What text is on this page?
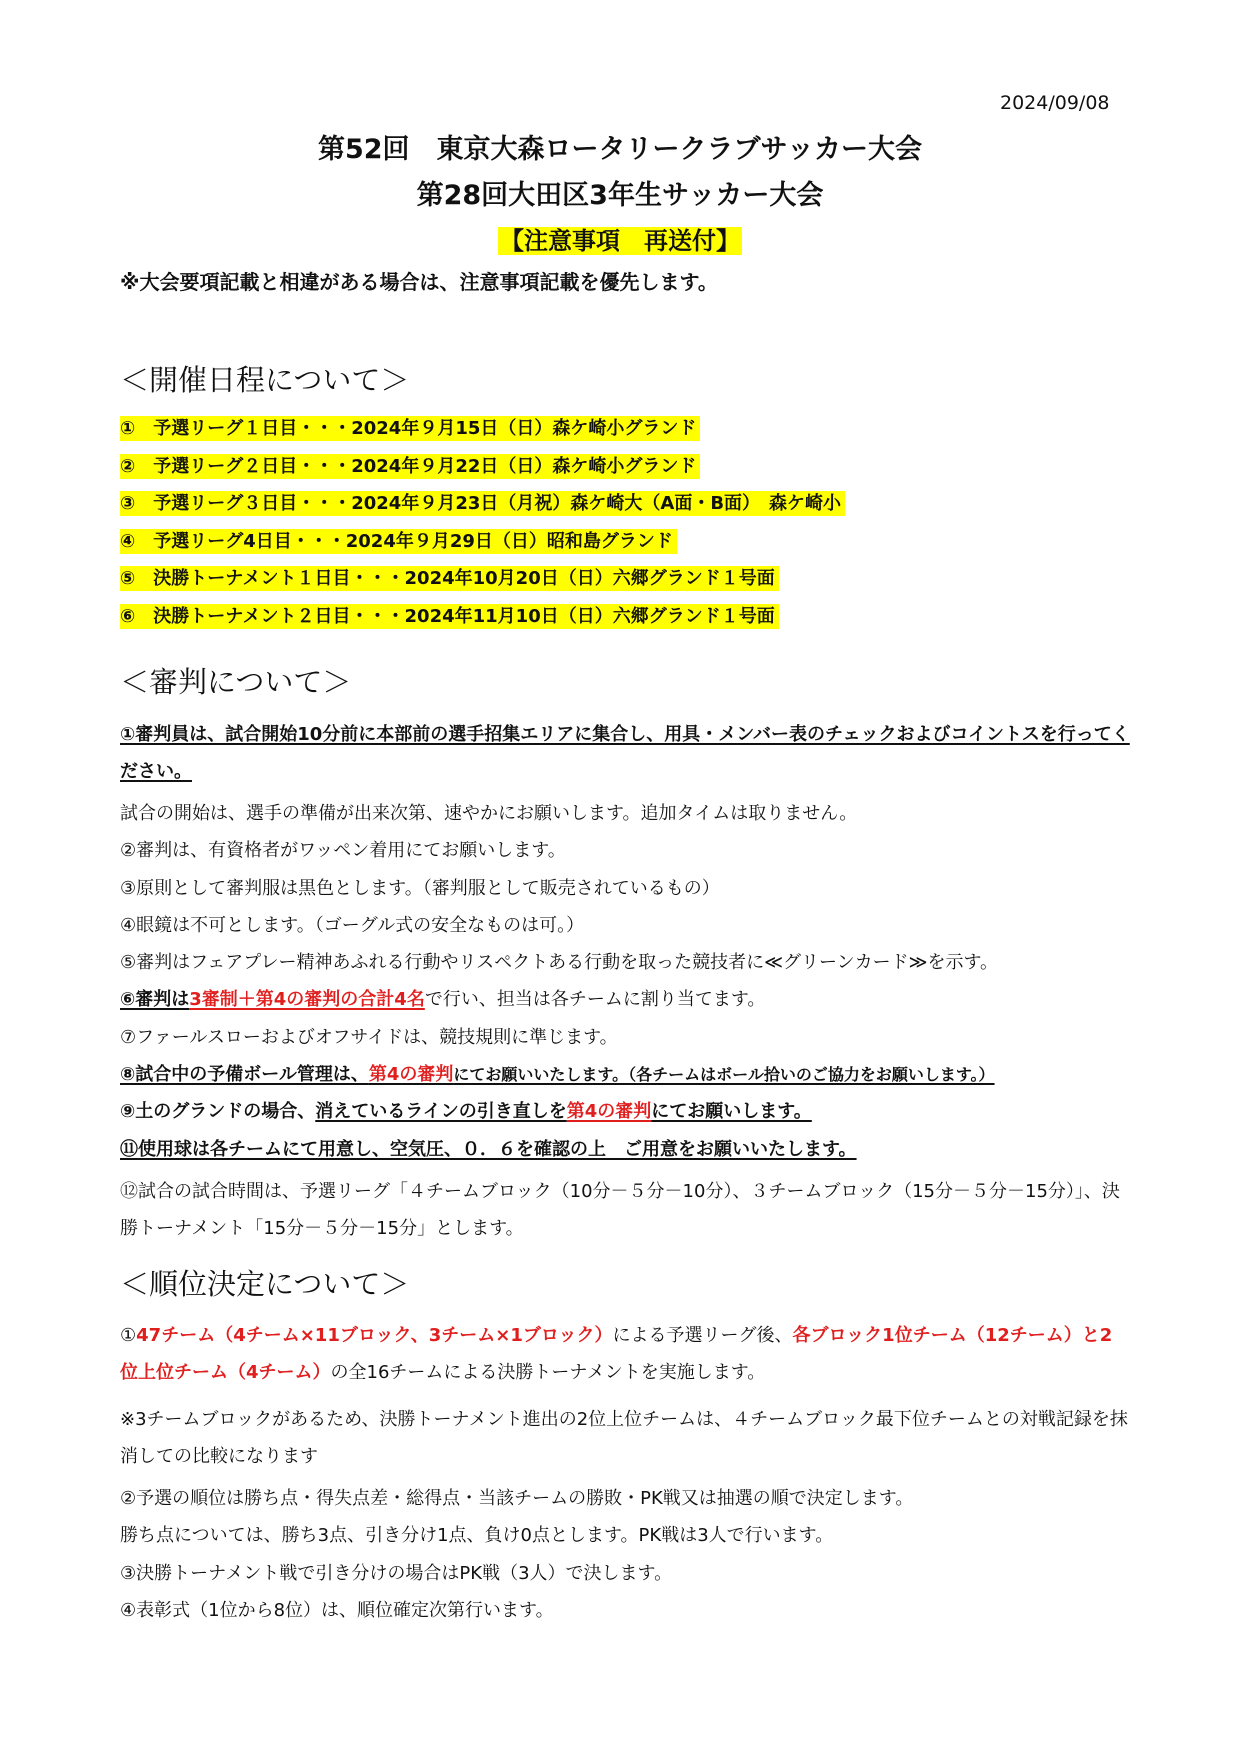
2024/09/08
第52回　東京大森ロータリークラブサッカー大会
第28回大田区3年生サッカー大会
【注意事項　再送付】
※大会要項記載と相違がある場合は、注意事項記載を優先します。
＜開催日程について＞
①　予選リーグ１日目・・・2024年９月15日（日）森ケ崎小グランド
②　予選リーグ２日目・・・2024年９月22日（日）森ケ崎小グランド
③　予選リーグ３日目・・・2024年９月23日（月祝）森ケ崎大（A面・B面）　森ケ崎小
④　予選リーグ4日目・・・2024年９月29日（日）昭和島グランド
⑤　決勝トーナメント１日目・・・2024年10月20日（日）六郷グランド１号面
⑥　決勝トーナメント２日目・・・2024年11月10日（日）六郷グランド１号面
＜審判について＞
①審判員は、試合開始10分前に本部前の選手招集エリアに集合し、用具・メンバー表のチェックおよびコイントスを行ってください。
試合の開始は、選手の準備が出来次第、速やかにお願いします。追加タイムは取りません。
②審判は、有資格者がワッペン着用にてお願いします。
③原則として審判服は黒色とします。（審判服として販売されているもの）
④眼鏡は不可とします。（ゴーグル式の安全なものは可。）
⑤審判はフェアプレー精神あふれる行動やリスペクトある行動を取った競技者に≪グリーンカード≫を示す。
⑥審判は3審制＋第4の審判の合計4名で行い、担当は各チームに割り当てます。
⑦ファールスローおよびオフサイドは、競技規則に準じます。
⑧試合中の予備ボール管理は、第4の審判にてお願いいたします。（各チームはボール拾いのご協力をお願いします。）
⑨土のグランドの場合、消えているラインの引き直しを第4の審判にてお願いします。
⑪使用球は各チームにて用意し、空気圧、０．６を確認の上　ご用意をお願いいたします。
⑫試合の試合時間は、予選リーグ「４チームブロック（10分－５分－10分）、３チームブロック（15分－５分－15分）」、決勝トーナメント「15分－５分－15分」とします。
＜順位決定について＞
①47チーム（4チーム×11ブロック、3チーム×1ブロック）による予選リーグ後、各ブロック1位チーム（12チーム）と2位上位チーム（4チーム）の全16チームによる決勝トーナメントを実施します。
※3チームブロックがあるため、決勝トーナメント進出の2位上位チームは、４チームブロック最下位チームとの対戦記録を抹消しての比較になります
②予選の順位は勝ち点・得失点差・総得点・当該チームの勝敗・PK戦又は抽選の順で決定します。
勝ち点については、勝ち3点、引き分け1点、負け0点とします。PK戦は3人で行います。
③決勝トーナメント戦で引き分けの場合はPK戦（3人）で決します。
④表彰式（1位から8位）は、順位確定次第行います。
